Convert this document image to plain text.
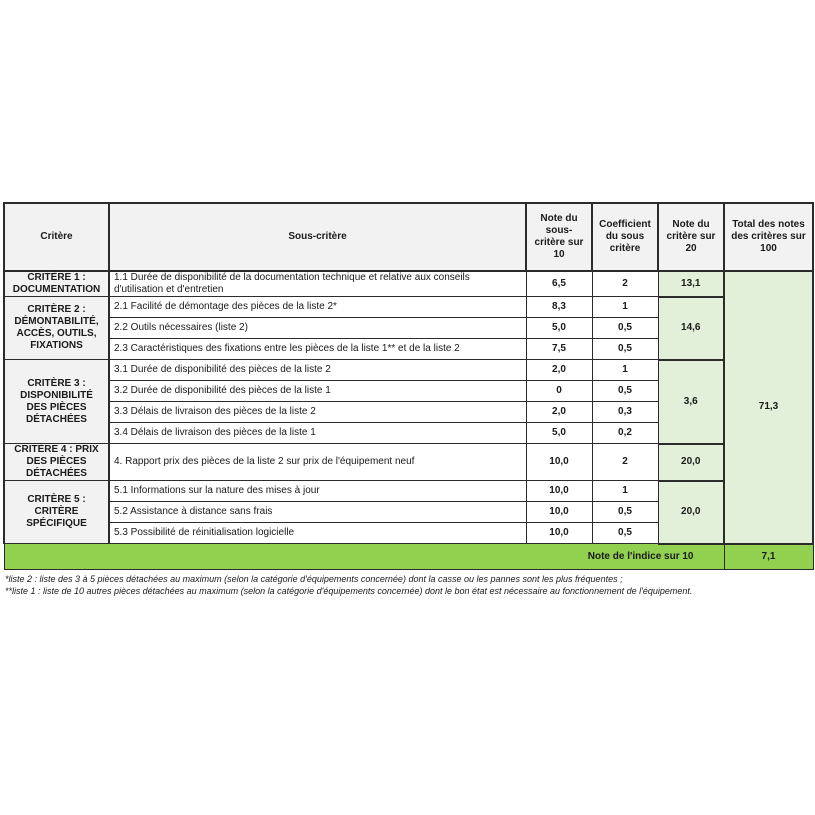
Critère	Sous-critère	Note du sous-critère sur 10	Coefficient du sous critère	Note du critère sur 20	Total des notes des critères sur 100
CRITÈRE 1 : DOCUMENTATION	1.1 Durée de disponibilité de la documentation technique et relative aux conseils d'utilisation et d'entretien	6,5	2	13,1	71,3
CRITÈRE 2 : DÉMONTABILITÉ, ACCÈS, OUTILS, FIXATIONS	2.1 Facilité de démontage des pièces de la liste 2*	8,3	1	14,6	
	2.2 Outils nécessaires (liste 2)	5,0	0,5		
	2.3 Caractéristiques des fixations entre les pièces de la liste 1** et de la liste 2	7,5	0,5		
CRITÈRE 3 : DISPONIBILITÉ DES PIÈCES DÉTACHÉES	3.1 Durée de disponibilité des pièces de la liste 2	2,0	1	3,6	
	3.2 Durée de disponibilité des pièces de la liste 1	0	0,5		
	3.3 Délais de livraison des pièces de la liste 2	2,0	0,3		
	3.4 Délais de livraison des pièces de la liste 1	5,0	0,2		
CRITÈRE 4 : PRIX DES PIÈCES DÉTACHÉES	4. Rapport prix des pièces de la liste 2 sur prix de l'équipement neuf	10,0	2	20,0	
CRITÈRE 5 : CRITÈRE SPÉCIFIQUE	5.1 Informations sur la nature des mises à jour	10,0	1	20,0	
	5.2 Assistance à distance sans frais	10,0	0,5		
	5.3 Possibilité de réinitialisation logicielle	10,0	0,5		
Note de l'indice sur 10					7,1
*liste 2 : liste des 3 à 5 pièces détachées au maximum (selon la catégorie d'équipements concernée) dont la casse ou les pannes sont les plus fréquentes ;
**liste 1 : liste de 10 autres pièces détachées au maximum (selon la catégorie d'équipements concernée) dont le bon état est nécessaire au fonctionnement de l'équipement.
